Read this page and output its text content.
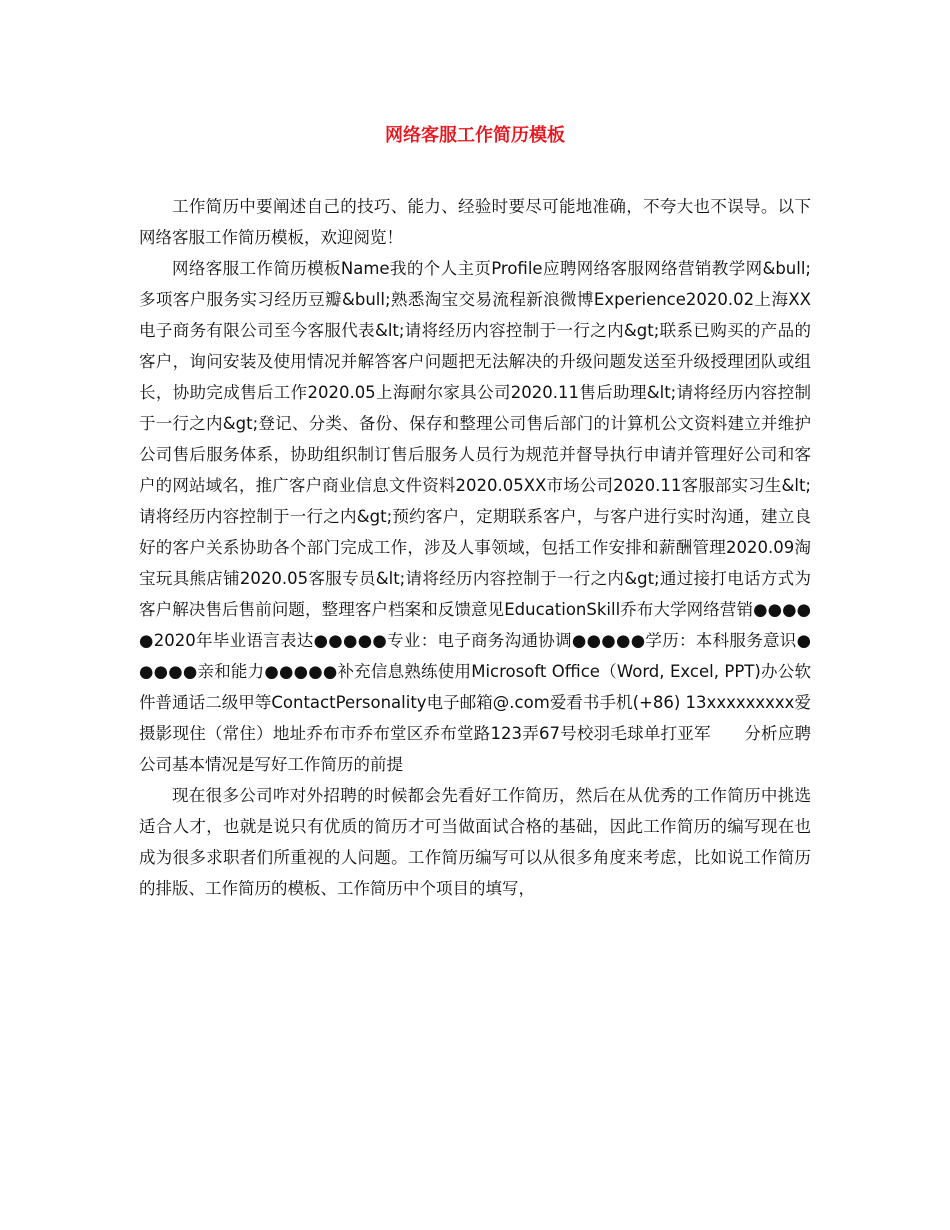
网络客服工作简历模板

工作简历中要阐述自己的技巧、能力、经验时要尽可能地准确，不夸大也不误导。以下网络客服工作简历模板，欢迎阅览！

网络客服工作简历模板Name我的个人主页Profile应聘网络客服网络营销教学网&bull;多项客户服务实习经历豆瓣&bull;熟悉淘宝交易流程新浪微博Experience2020.02上海XX电子商务有限公司至今客服代表&lt;请将经历内容控制于一行之内&gt;联系已购买的产品的客户，询问安装及使用情况并解答客户问题把无法解决的升级问题发送至升级授理团队或组长，协助完成售后工作2020.05上海耐尔家具公司2020.11售后助理&lt;请将经历内容控制于一行之内&gt;登记、分类、备份、保存和整理公司售后部门的计算机公文资料建立并维护公司售后服务体系，协助组织制订售后服务人员行为规范并督导执行申请并管理好公司和客户的网站域名，推广客户商业信息文件资料2020.05XX市场公司2020.11客服部实习生&lt;请将经历内容控制于一行之内&gt;预约客户，定期联系客户，与客户进行实时沟通，建立良好的客户关系协助各个部门完成工作，涉及人事领域，包括工作安排和薪酬管理2020.09淘宝玩具熊店铺2020.05客服专员&lt;请将经历内容控制于一行之内&gt;通过接打电话方式为客户解决售后售前问题，整理客户档案和反馈意见EducationSkill乔布大学网络营销●●●●●2020年毕业语言表达●●●●●专业：电子商务沟通协调●●●●●学历：本科服务意识●●●●●亲和能力●●●●●补充信息熟练使用Microsoft Office（Word, Excel, PPT)办公软件普通话二级甲等ContactPersonality电子邮箱@.com爱看书手机(+86) 13xxxxxxxxx爱摄影现住（常住）地址乔布市乔布堂区乔布堂路123弄67号校羽毛球单打亚军　　分析应聘公司基本情况是写好工作简历的前提

现在很多公司咋对外招聘的时候都会先看好工作简历，然后在从优秀的工作简历中挑选适合人才，也就是说只有优质的简历才可当做面试合格的基础，因此工作简历的编写现在也成为很多求职者们所重视的人问题。工作简历编写可以从很多角度来考虑，比如说工作简历的排版、工作简历的模板、工作简历中个项目的填写，
